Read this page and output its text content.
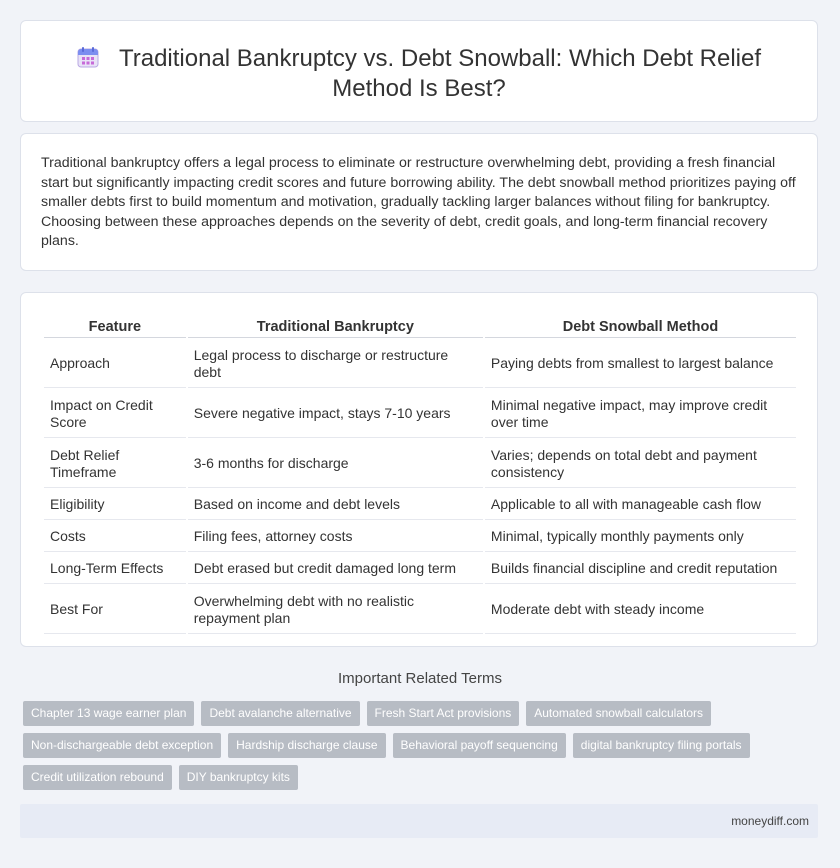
Traditional Bankruptcy vs. Debt Snowball: Which Debt Relief Method Is Best?

Traditional bankruptcy offers a legal process to eliminate or restructure overwhelming debt, providing a fresh financial start but significantly impacting credit scores and future borrowing ability. The debt snowball method prioritizes paying off smaller debts first to build momentum and motivation, gradually tackling larger balances without filing for bankruptcy. Choosing between these approaches depends on the severity of debt, credit goals, and long-term financial recovery plans.

Feature	Traditional Bankruptcy	Debt Snowball Method
Approach	Legal process to discharge or restructure debt	Paying debts from smallest to largest balance
Impact on Credit Score	Severe negative impact, stays 7-10 years	Minimal negative impact, may improve credit over time
Debt Relief Timeframe	3-6 months for discharge	Varies; depends on total debt and payment consistency
Eligibility	Based on income and debt levels	Applicable to all with manageable cash flow
Costs	Filing fees, attorney costs	Minimal, typically monthly payments only
Long-Term Effects	Debt erased but credit damaged long term	Builds financial discipline and credit reputation
Best For	Overwhelming debt with no realistic repayment plan	Moderate debt with steady income
Important Related Terms
Chapter 13 wage earner plan	Debt avalanche alternative	Fresh Start Act provisions	Automated snowball calculators
Non-dischargeable debt exception	Hardship discharge clause	Behavioral payoff sequencing	digital bankruptcy filing portals
Credit utilization rebound	DIY bankruptcy kits
moneydiff.com
